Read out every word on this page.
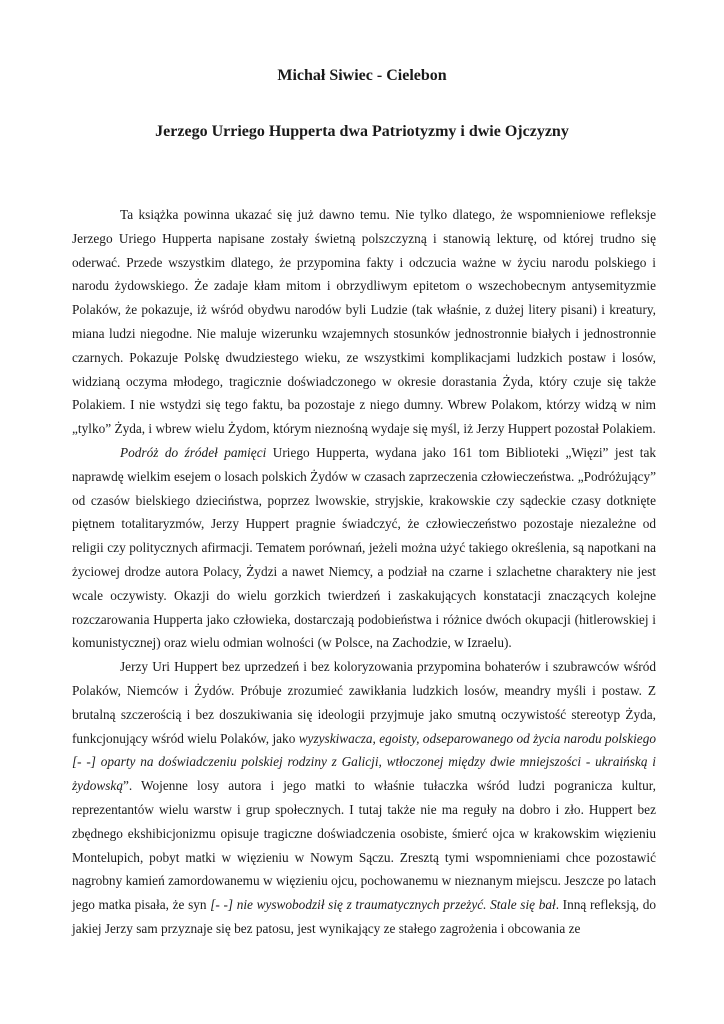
Michał Siwiec - Cielebon
Jerzego Urriego Hupperta dwa Patriotyzmy i dwie Ojczyzny

Ta książka powinna ukazać się już dawno temu. Nie tylko dlatego, że wspomnieniowe refleksje Jerzego Uriego Hupperta napisane zostały świetną polszczyzną i stanowią lekturę, od której trudno się oderwać. Przede wszystkim dlatego, że przypomina fakty i odczucia ważne w życiu narodu polskiego i narodu żydowskiego. Że zadaje kłam mitom i obrzydliwym epitetom o wszechobecnym antysemityzmie Polaków, że pokazuje, iż wśród obydwu narodów byli Ludzie (tak właśnie, z dużej litery pisani) i kreatury, miana ludzi niegodne. Nie maluje wizerunku wzajemnych stosunków jednostronnie białych i jednostronnie czarnych. Pokazuje Polskę dwudziestego wieku, ze wszystkimi komplikacjami ludzkich postaw i losów, widzianą oczyma młodego, tragicznie doświadczonego w okresie dorastania Żyda, który czuje się także Polakiem. I nie wstydzi się tego faktu, ba pozostaje z niego dumny. Wbrew Polakom, którzy widzą w nim „tylko” Żyda, i wbrew wielu Żydom, którym nieznośną wydaje się myśl, iż Jerzy Huppert pozostał Polakiem.

Podróż do źródeł pamięci Uriego Hupperta, wydana jako 161 tom Biblioteki „Więzi” jest tak naprawdę wielkim esejem o losach polskich Żydów w czasach zaprzeczenia człowieczeństwa. „Podróżujący” od czasów bielskiego dzieciństwa, poprzez lwowskie, stryjskie, krakowskie czy sądeckie czasy dotknięte piętnem totalitaryzmów, Jerzy Huppert pragnie świadczyć, że człowieczeństwo pozostaje niezależne od religii czy politycznych afirmacji. Tematem porównań, jeżeli można użyć takiego określenia, są napotkani na życiowej drodze autora Polacy, Żydzi a nawet Niemcy, a podział na czarne i szlachetne charaktery nie jest wcale oczywisty. Okazji do wielu gorzkich twierdzeń i zaskakujących konstatacji znaczących kolejne rozczarowania Hupperta jako człowieka, dostarczają podobieństwa i różnice dwóch okupacji (hitlerowskiej i komunistycznej) oraz wielu odmian wolności (w Polsce, na Zachodzie, w Izraelu).

Jerzy Uri Huppert bez uprzedzeń i bez koloryzowania przypomina bohaterów i szubrawców wśród Polaków, Niemców i Żydów. Próbuje zrozumieć zawikłania ludzkich losów, meandry myśli i postaw. Z brutalną szczerością i bez doszukiwania się ideologii przyjmuje jako smutną oczywistość stereotyp Żyda, funkcjonujący wśród wielu Polaków, jako wyzyskiwacza, egoisty, odseparowanego od życia narodu polskiego [- -] oparty na doświadczeniu polskiej rodziny z Galicji, wtłoczonej między dwie mniejszości - ukraińską i żydowską”. Wojenne losy autora i jego matki to właśnie tułaczka wśród ludzi pogranicza kultur, reprezentantów wielu warstw i grup społecznych. I tutaj także nie ma reguły na dobro i zło. Huppert bez zbędnego ekshibicjonizmu opisuje tragiczne doświadczenia osobiste, śmierć ojca w krakowskim więzieniu Montelupich, pobyt matki w więzieniu w Nowym Sączu. Zresztą tymi wspomnieniami chce pozostawić nagrobny kamień zamordowanemu w więzieniu ojcu, pochowanemu w nieznanym miejscu. Jeszcze po latach jego matka pisała, że syn [- -] nie wyswobodził się z traumatycznych przeżyć. Stale się bał. Inną refleksją, do jakiej Jerzy sam przyznaje się bez patosu, jest wynikający ze stałego zagrożenia i obcowania ze
